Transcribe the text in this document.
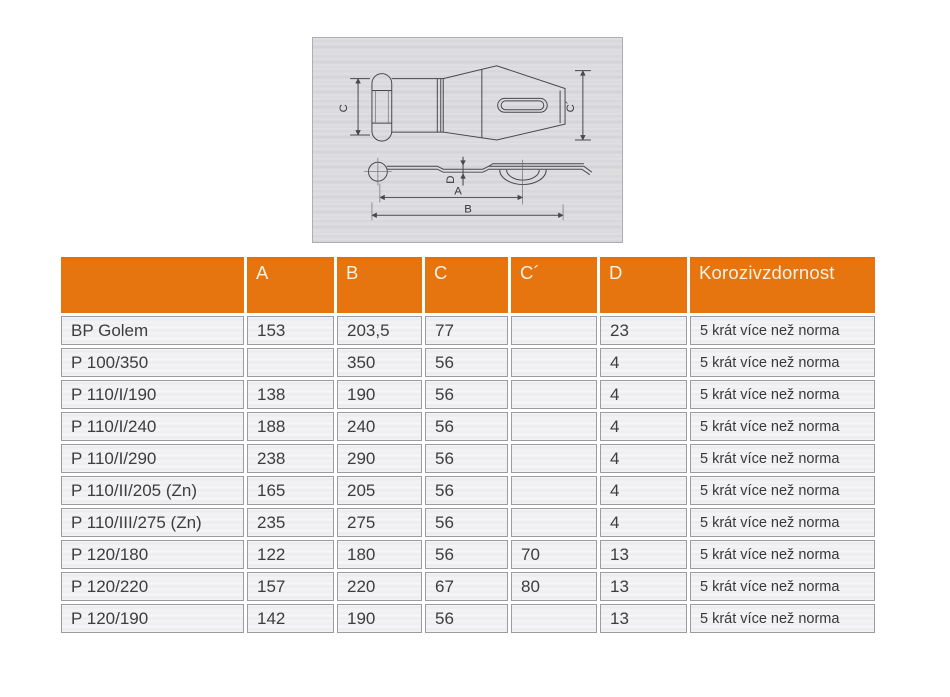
C	C´
D
A
B
	A	B	C	C´	D	Korozivzdornost
BP Golem	153	203,5	77		23	5 krát více než norma
P 100/350		350	56		4	5 krát více než norma
P 110/I/190	138	190	56		4	5 krát více než norma
P 110/I/240	188	240	56		4	5 krát více než norma
P 110/I/290	238	290	56		4	5 krát více než norma
P 110/II/205 (Zn)	165	205	56		4	5 krát více než norma
P 110/III/275 (Zn)	235	275	56		4	5 krát více než norma
P 120/180	122	180	56	70	13	5 krát více než norma
P 120/220	157	220	67	80	13	5 krát více než norma
P 120/190	142	190	56		13	5 krát více než norma
